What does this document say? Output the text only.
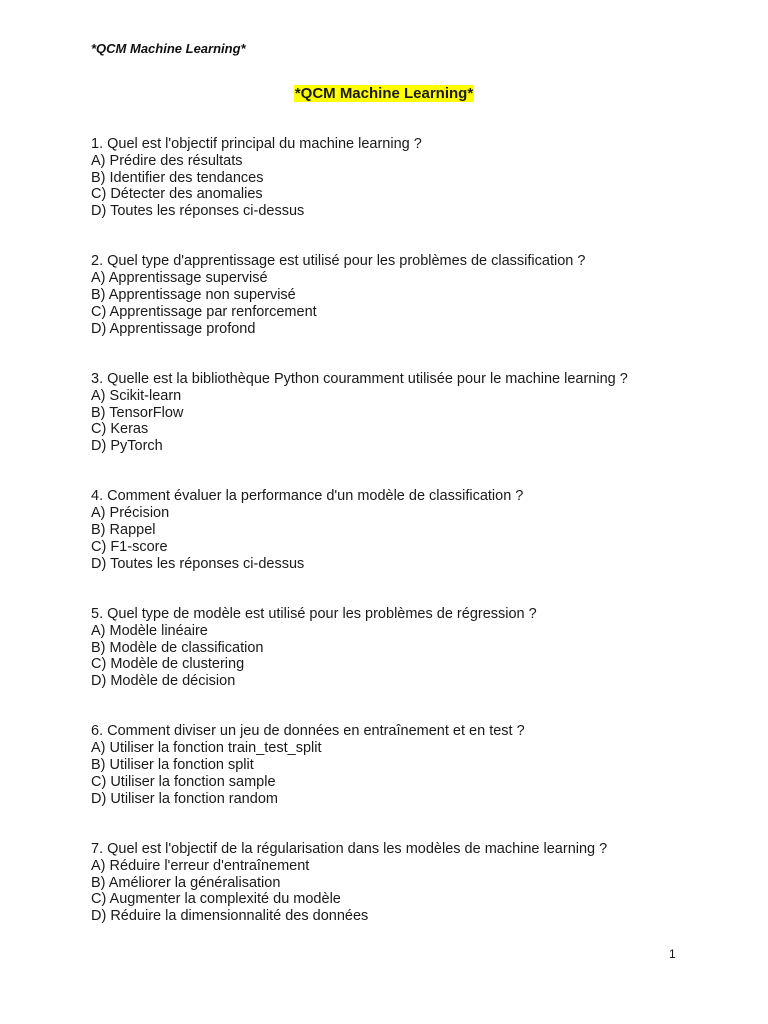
*QCM Machine Learning*
*QCM Machine Learning*
1. Quel est l'objectif principal du machine learning ?
A) Prédire des résultats
B) Identifier des tendances
C) Détecter des anomalies
D) Toutes les réponses ci-dessus
2. Quel type d'apprentissage est utilisé pour les problèmes de classification ?
A) Apprentissage supervisé
B) Apprentissage non supervisé
C) Apprentissage par renforcement
D) Apprentissage profond
3. Quelle est la bibliothèque Python couramment utilisée pour le machine learning ?
A) Scikit-learn
B) TensorFlow
C) Keras
D) PyTorch
4. Comment évaluer la performance d'un modèle de classification ?
A) Précision
B) Rappel
C) F1-score
D) Toutes les réponses ci-dessus
5. Quel type de modèle est utilisé pour les problèmes de régression ?
A) Modèle linéaire
B) Modèle de classification
C) Modèle de clustering
D) Modèle de décision
6. Comment diviser un jeu de données en entraînement et en test ?
A) Utiliser la fonction train_test_split
B) Utiliser la fonction split
C) Utiliser la fonction sample
D) Utiliser la fonction random
7. Quel est l'objectif de la régularisation dans les modèles de machine learning ?
A) Réduire l'erreur d'entraînement
B) Améliorer la généralisation
C) Augmenter la complexité du modèle
D) Réduire la dimensionnalité des données
1
